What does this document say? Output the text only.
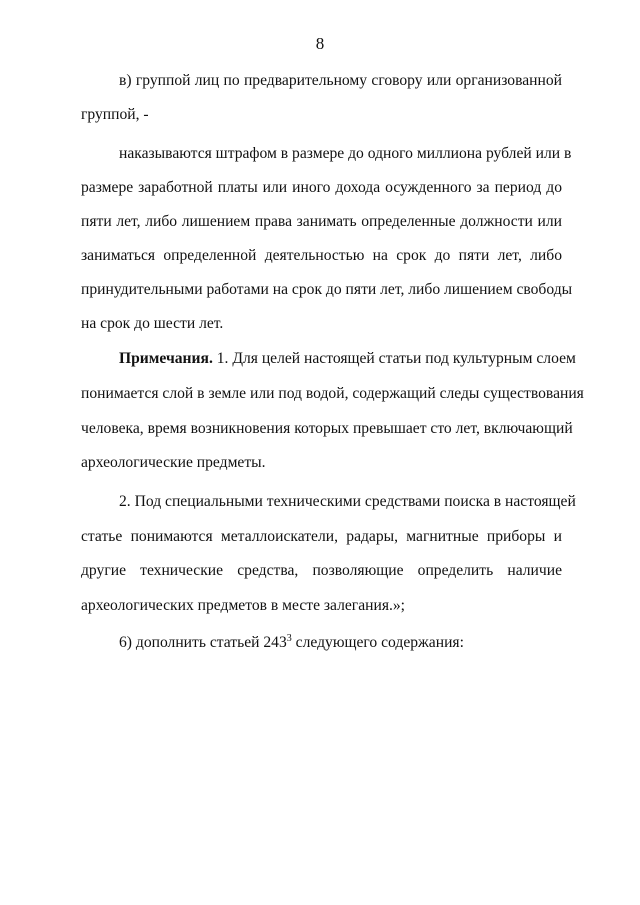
8
в) группой лиц по предварительному сговору или организованной
группой, -
наказываются штрафом в размере до одного миллиона рублей или в
размере заработной платы или иного дохода осужденного за период до
пяти лет, либо лишением права занимать определенные должности или
заниматься определенной деятельностью на срок до пяти лет, либо
принудительными работами на срок до пяти лет, либо лишением свободы
на срок до шести лет.
Примечания. 1. Для целей настоящей статьи под культурным слоем
понимается слой в земле или под водой, содержащий следы существования
человека, время возникновения которых превышает сто лет, включающий
археологические предметы.
2. Под специальными техническими средствами поиска в настоящей
статье понимаются металлоискатели, радары, магнитные приборы и
другие технические средства, позволяющие определить наличие
археологических предметов в месте залегания.»;
6) дополнить статьей $243^3$ следующего содержания:
